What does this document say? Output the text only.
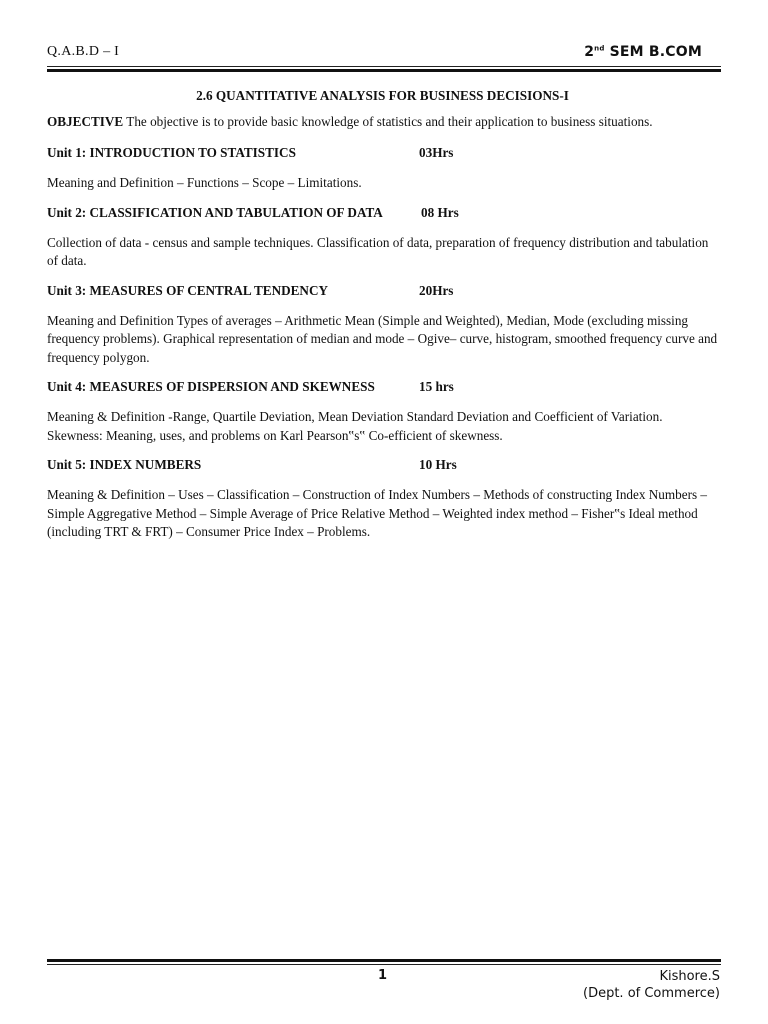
Q.A.B.D – I	2nd SEM B.COM

2.6 QUANTITATIVE ANALYSIS FOR BUSINESS DECISIONS-I

OBJECTIVE The objective is to provide basic knowledge of statistics and their application to business situations.

Unit 1: INTRODUCTION TO STATISTICS	03Hrs

Meaning and Definition – Functions – Scope – Limitations.

Unit 2: CLASSIFICATION AND TABULATION OF DATA	08 Hrs

Collection of data - census and sample techniques. Classification of data, preparation of frequency distribution and tabulation of data.

Unit 3: MEASURES OF CENTRAL TENDENCY	20Hrs

Meaning and Definition Types of averages – Arithmetic Mean (Simple and Weighted), Median, Mode (excluding missing frequency problems). Graphical representation of median and mode – Ogive– curve, histogram, smoothed frequency curve and frequency polygon.

Unit 4: MEASURES OF DISPERSION AND SKEWNESS	15 hrs

Meaning & Definition -Range, Quartile Deviation, Mean Deviation Standard Deviation and Coefficient of Variation. Skewness: Meaning, uses, and problems on Karl Pearson‟s‟ Co-efficient of skewness.

Unit 5: INDEX NUMBERS	10 Hrs

Meaning & Definition – Uses – Classification – Construction of Index Numbers – Methods of constructing Index Numbers – Simple Aggregative Method – Simple Average of Price Relative Method – Weighted index method – Fisher‟s Ideal method (including TRT & FRT) – Consumer Price Index – Problems.

1	Kishore.S
(Dept. of Commerce)
